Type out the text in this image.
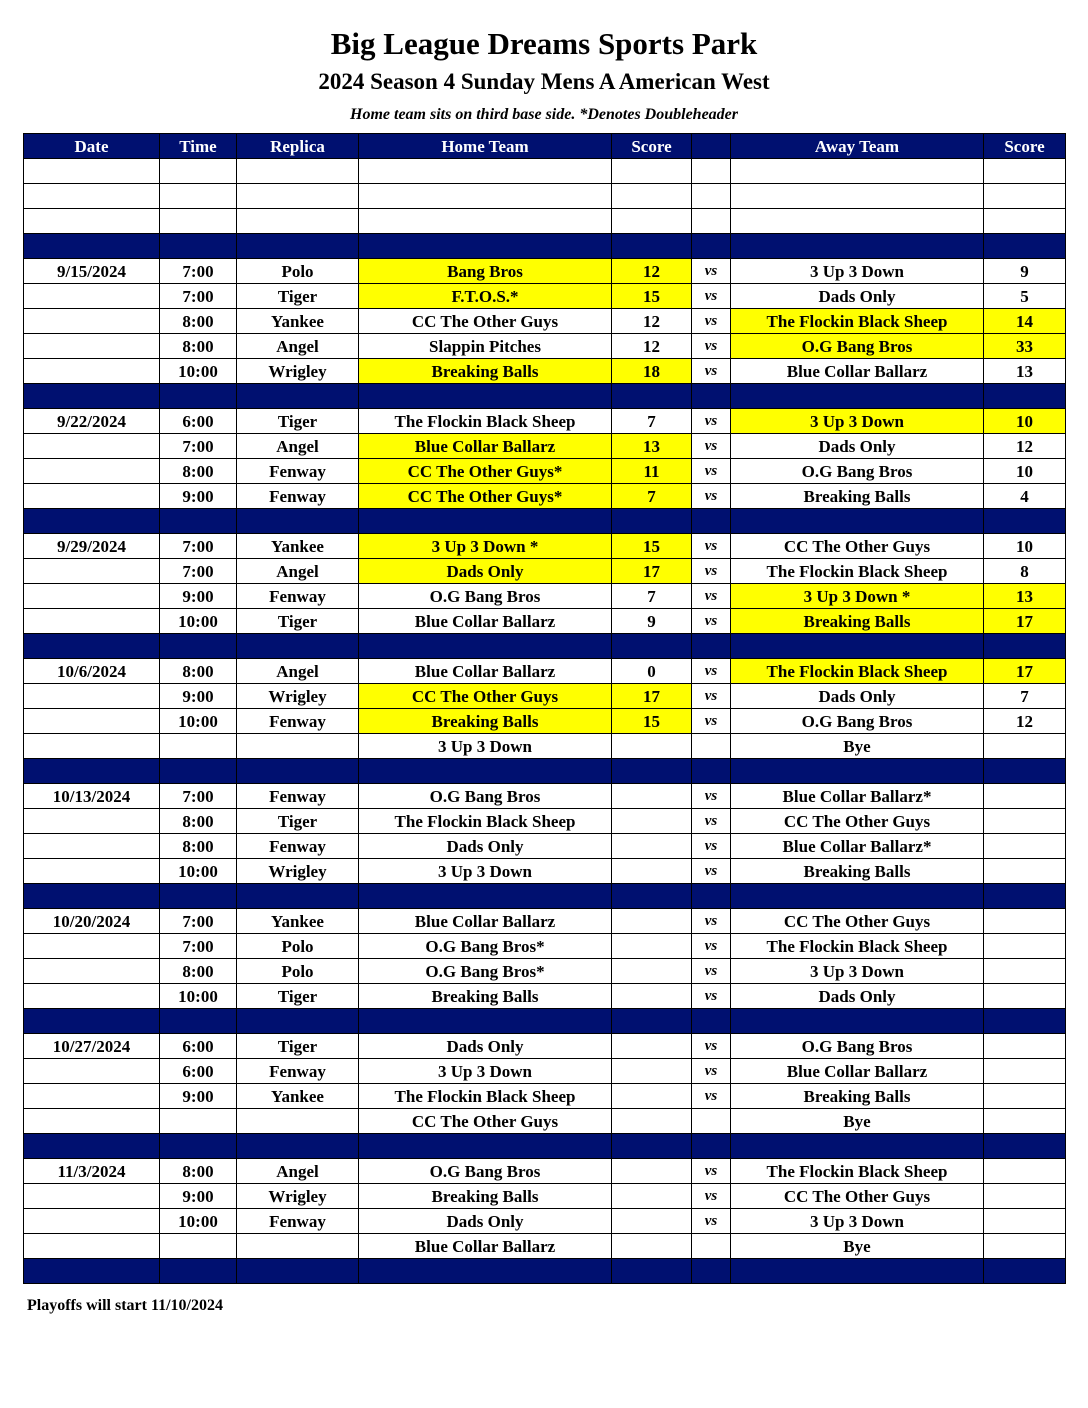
Big League Dreams Sports Park
2024 Season 4 Sunday Mens A American West
Home team sits on third base side. *Denotes Doubleheader
Date	Time	Replica	Home Team	Score		Away Team	Score

9/15/2024	7:00	Polo	Bang Bros	12	vs	3 Up 3 Down	9
	7:00	Tiger	F.T.O.S.*	15	vs	Dads Only	5
	8:00	Yankee	CC The Other Guys	12	vs	The Flockin Black Sheep	14
	8:00	Angel	Slappin Pitches	12	vs	O.G Bang Bros	33
	10:00	Wrigley	Breaking Balls	18	vs	Blue Collar Ballarz	13

9/22/2024	6:00	Tiger	The Flockin Black Sheep	7	vs	3 Up 3 Down	10
	7:00	Angel	Blue Collar Ballarz	13	vs	Dads Only	12
	8:00	Fenway	CC The Other Guys*	11	vs	O.G Bang Bros	10
	9:00	Fenway	CC The Other Guys*	7	vs	Breaking Balls	4

9/29/2024	7:00	Yankee	3 Up 3 Down *	15	vs	CC The Other Guys	10
	7:00	Angel	Dads Only	17	vs	The Flockin Black Sheep	8
	9:00	Fenway	O.G Bang Bros	7	vs	3 Up 3 Down *	13
	10:00	Tiger	Blue Collar Ballarz	9	vs	Breaking Balls	17

10/6/2024	8:00	Angel	Blue Collar Ballarz	0	vs	The Flockin Black Sheep	17
	9:00	Wrigley	CC The Other Guys	17	vs	Dads Only	7
	10:00	Fenway	Breaking Balls	15	vs	O.G Bang Bros	12
			3 Up 3 Down			Bye	

10/13/2024	7:00	Fenway	O.G Bang Bros		vs	Blue Collar Ballarz*	
	8:00	Tiger	The Flockin Black Sheep		vs	CC The Other Guys	
	8:00	Fenway	Dads Only		vs	Blue Collar Ballarz*	
	10:00	Wrigley	3 Up 3 Down		vs	Breaking Balls	

10/20/2024	7:00	Yankee	Blue Collar Ballarz		vs	CC The Other Guys	
	7:00	Polo	O.G Bang Bros*		vs	The Flockin Black Sheep	
	8:00	Polo	O.G Bang Bros*		vs	3 Up 3 Down	
	10:00	Tiger	Breaking Balls		vs	Dads Only	

10/27/2024	6:00	Tiger	Dads Only		vs	O.G Bang Bros	
	6:00	Fenway	3 Up 3 Down		vs	Blue Collar Ballarz	
	9:00	Yankee	The Flockin Black Sheep		vs	Breaking Balls	
			CC The Other Guys			Bye	

11/3/2024	8:00	Angel	O.G Bang Bros		vs	The Flockin Black Sheep	
	9:00	Wrigley	Breaking Balls		vs	CC The Other Guys	
	10:00	Fenway	Dads Only		vs	3 Up 3 Down	
			Blue Collar Ballarz			Bye	

Playoffs will start 11/10/2024
